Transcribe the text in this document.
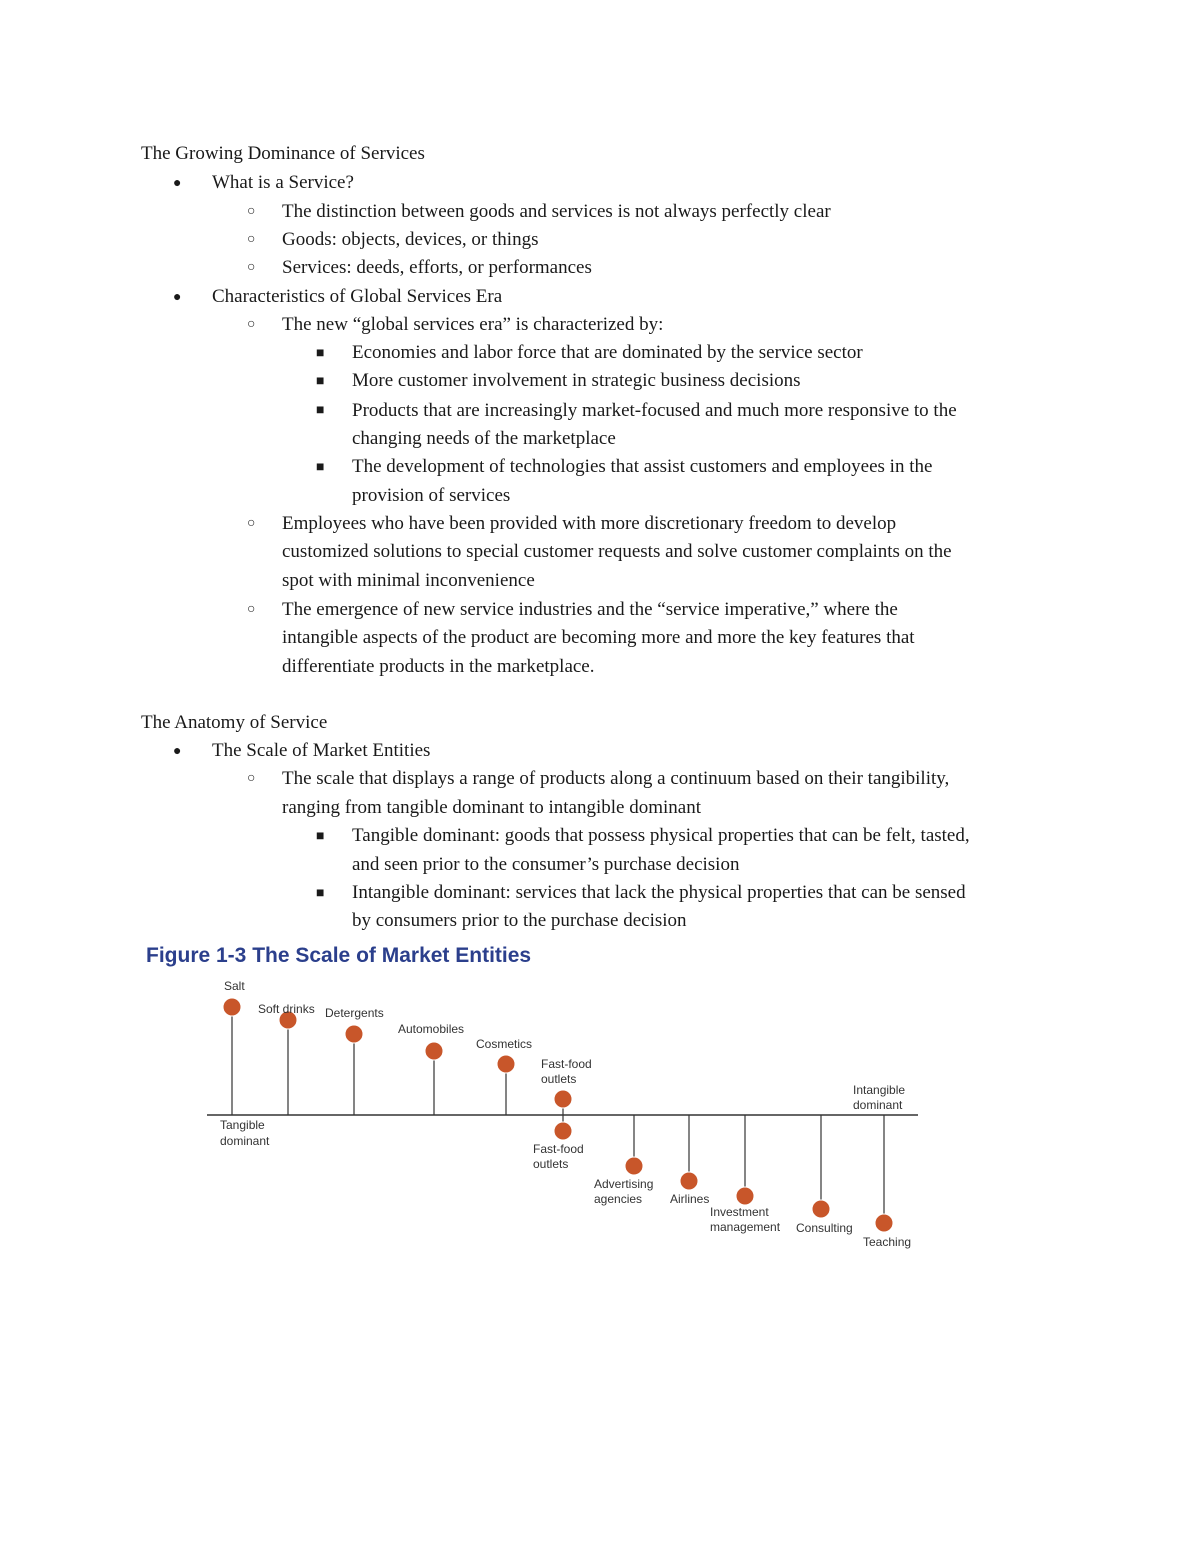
The Growing Dominance of Services
● What is a Service?
○ The distinction between goods and services is not always perfectly clear
○ Goods: objects, devices, or things
○ Services: deeds, efforts, or performances
● Characteristics of Global Services Era
○ The new “global services era” is characterized by:
■ Economies and labor force that are dominated by the service sector
■ More customer involvement in strategic business decisions
■ Products that are increasingly market-focused and much more responsive to the
changing needs of the marketplace
■ The development of technologies that assist customers and employees in the
provision of services
○ Employees who have been provided with more discretionary freedom to develop
customized solutions to special customer requests and solve customer complaints on the
spot with minimal inconvenience
○ The emergence of new service industries and the “service imperative,” where the
intangible aspects of the product are becoming more and more the key features that
differentiate products in the marketplace.
The Anatomy of Service
● The Scale of Market Entities
○ The scale that displays a range of products along a continuum based on their tangibility,
ranging from tangible dominant to intangible dominant
■ Tangible dominant: goods that possess physical properties that can be felt, tasted,
and seen prior to the consumer’s purchase decision
■ Intangible dominant: services that lack the physical properties that can be sensed
by consumers prior to the purchase decision
Figure 1-3 The Scale of Market Entities
Tangible
dominant
Intangible
dominant
Salt
Soft drinks Detergents
Automobiles
Cosmetics
Fast-food
outlets
Fast-food
outlets
Advertising
agencies Airlines
Investment
management Consulting
Teaching
